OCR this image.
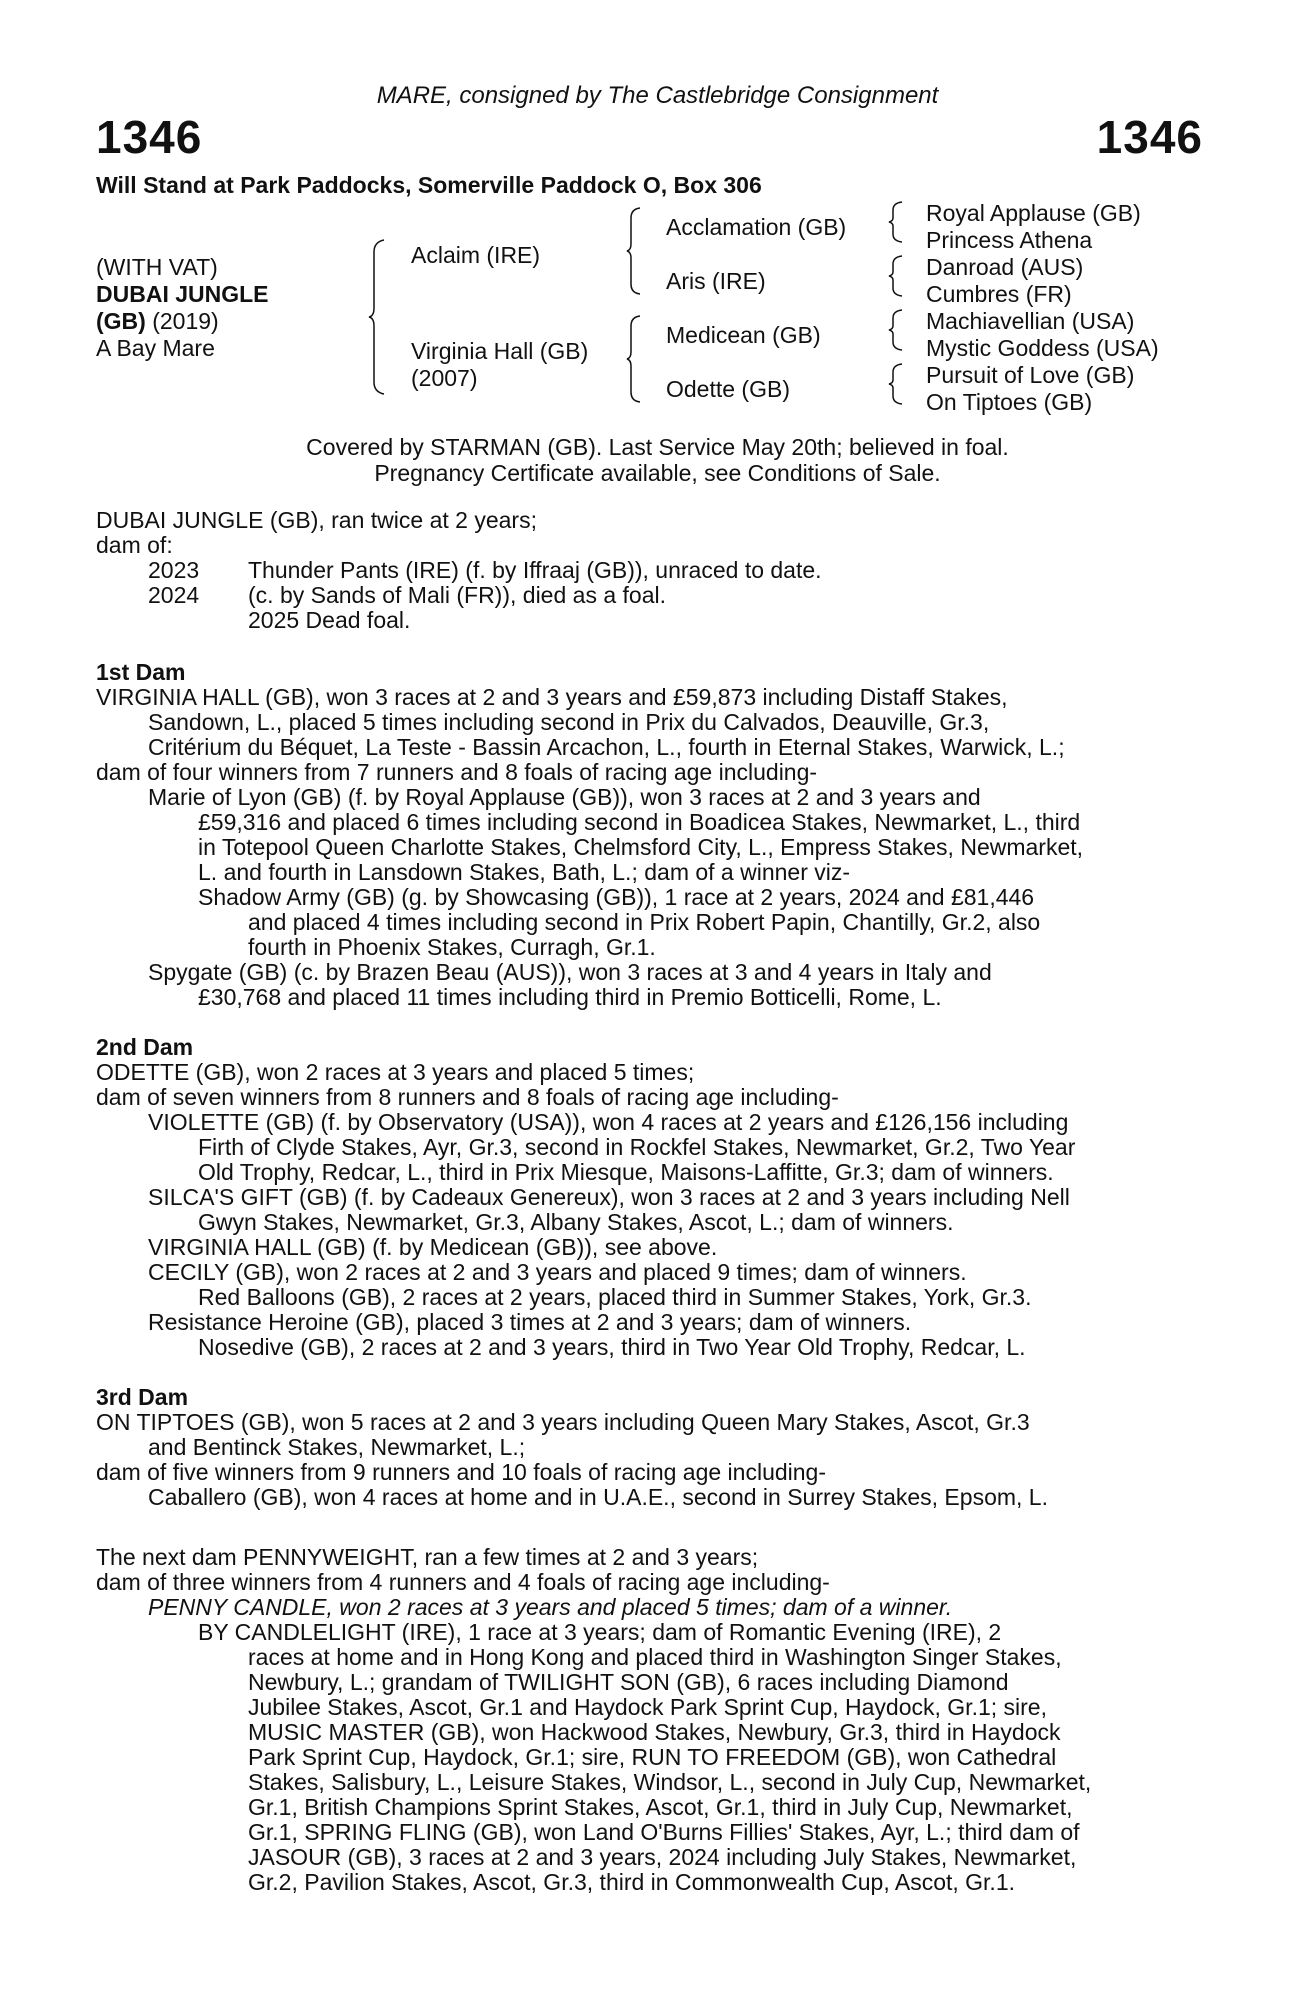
MARE, consigned by The Castlebridge Consignment
1346	1346
Will Stand at Park Paddocks, Somerville Paddock O, Box 306
(WITH VAT)
DUBAI JUNGLE
(GB) (2019)
A Bay Mare
Aclaim (IRE)
Virginia Hall (GB)
(2007)
Acclamation (GB)
Aris (IRE)
Medicean (GB)
Odette (GB)
Royal Applause (GB)
Princess Athena
Danroad (AUS)
Cumbres (FR)
Machiavellian (USA)
Mystic Goddess (USA)
Pursuit of Love (GB)
On Tiptoes (GB)
Covered by STARMAN (GB). Last Service May 20th; believed in foal.
Pregnancy Certificate available, see Conditions of Sale.
DUBAI JUNGLE (GB), ran twice at 2 years;
dam of:
2023 Thunder Pants (IRE) (f. by Iffraaj (GB)), unraced to date.
2024 (c. by Sands of Mali (FR)), died as a foal.
2025 Dead foal.
1st Dam
VIRGINIA HALL (GB), won 3 races at 2 and 3 years and £59,873 including Distaff Stakes,
Sandown, L., placed 5 times including second in Prix du Calvados, Deauville, Gr.3,
Critérium du Béquet, La Teste - Bassin Arcachon, L., fourth in Eternal Stakes, Warwick, L.;
dam of four winners from 7 runners and 8 foals of racing age including-
Marie of Lyon (GB) (f. by Royal Applause (GB)), won 3 races at 2 and 3 years and
£59,316 and placed 6 times including second in Boadicea Stakes, Newmarket, L., third
in Totepool Queen Charlotte Stakes, Chelmsford City, L., Empress Stakes, Newmarket,
L. and fourth in Lansdown Stakes, Bath, L.; dam of a winner viz-
Shadow Army (GB) (g. by Showcasing (GB)), 1 race at 2 years, 2024 and £81,446
and placed 4 times including second in Prix Robert Papin, Chantilly, Gr.2, also
fourth in Phoenix Stakes, Curragh, Gr.1.
Spygate (GB) (c. by Brazen Beau (AUS)), won 3 races at 3 and 4 years in Italy and
£30,768 and placed 11 times including third in Premio Botticelli, Rome, L.
2nd Dam
ODETTE (GB), won 2 races at 3 years and placed 5 times;
dam of seven winners from 8 runners and 8 foals of racing age including-
VIOLETTE (GB) (f. by Observatory (USA)), won 4 races at 2 years and £126,156 including
Firth of Clyde Stakes, Ayr, Gr.3, second in Rockfel Stakes, Newmarket, Gr.2, Two Year
Old Trophy, Redcar, L., third in Prix Miesque, Maisons-Laffitte, Gr.3; dam of winners.
SILCA'S GIFT (GB) (f. by Cadeaux Genereux), won 3 races at 2 and 3 years including Nell
Gwyn Stakes, Newmarket, Gr.3, Albany Stakes, Ascot, L.; dam of winners.
VIRGINIA HALL (GB) (f. by Medicean (GB)), see above.
CECILY (GB), won 2 races at 2 and 3 years and placed 9 times; dam of winners.
Red Balloons (GB), 2 races at 2 years, placed third in Summer Stakes, York, Gr.3.
Resistance Heroine (GB), placed 3 times at 2 and 3 years; dam of winners.
Nosedive (GB), 2 races at 2 and 3 years, third in Two Year Old Trophy, Redcar, L.
3rd Dam
ON TIPTOES (GB), won 5 races at 2 and 3 years including Queen Mary Stakes, Ascot, Gr.3
and Bentinck Stakes, Newmarket, L.;
dam of five winners from 9 runners and 10 foals of racing age including-
Caballero (GB), won 4 races at home and in U.A.E., second in Surrey Stakes, Epsom, L.
The next dam PENNYWEIGHT, ran a few times at 2 and 3 years;
dam of three winners from 4 runners and 4 foals of racing age including-
PENNY CANDLE, won 2 races at 3 years and placed 5 times; dam of a winner.
BY CANDLELIGHT (IRE), 1 race at 3 years; dam of Romantic Evening (IRE), 2
races at home and in Hong Kong and placed third in Washington Singer Stakes,
Newbury, L.; grandam of TWILIGHT SON (GB), 6 races including Diamond
Jubilee Stakes, Ascot, Gr.1 and Haydock Park Sprint Cup, Haydock, Gr.1; sire,
MUSIC MASTER (GB), won Hackwood Stakes, Newbury, Gr.3, third in Haydock
Park Sprint Cup, Haydock, Gr.1; sire, RUN TO FREEDOM (GB), won Cathedral
Stakes, Salisbury, L., Leisure Stakes, Windsor, L., second in July Cup, Newmarket,
Gr.1, British Champions Sprint Stakes, Ascot, Gr.1, third in July Cup, Newmarket,
Gr.1, SPRING FLING (GB), won Land O'Burns Fillies' Stakes, Ayr, L.; third dam of
JASOUR (GB), 3 races at 2 and 3 years, 2024 including July Stakes, Newmarket,
Gr.2, Pavilion Stakes, Ascot, Gr.3, third in Commonwealth Cup, Ascot, Gr.1.
